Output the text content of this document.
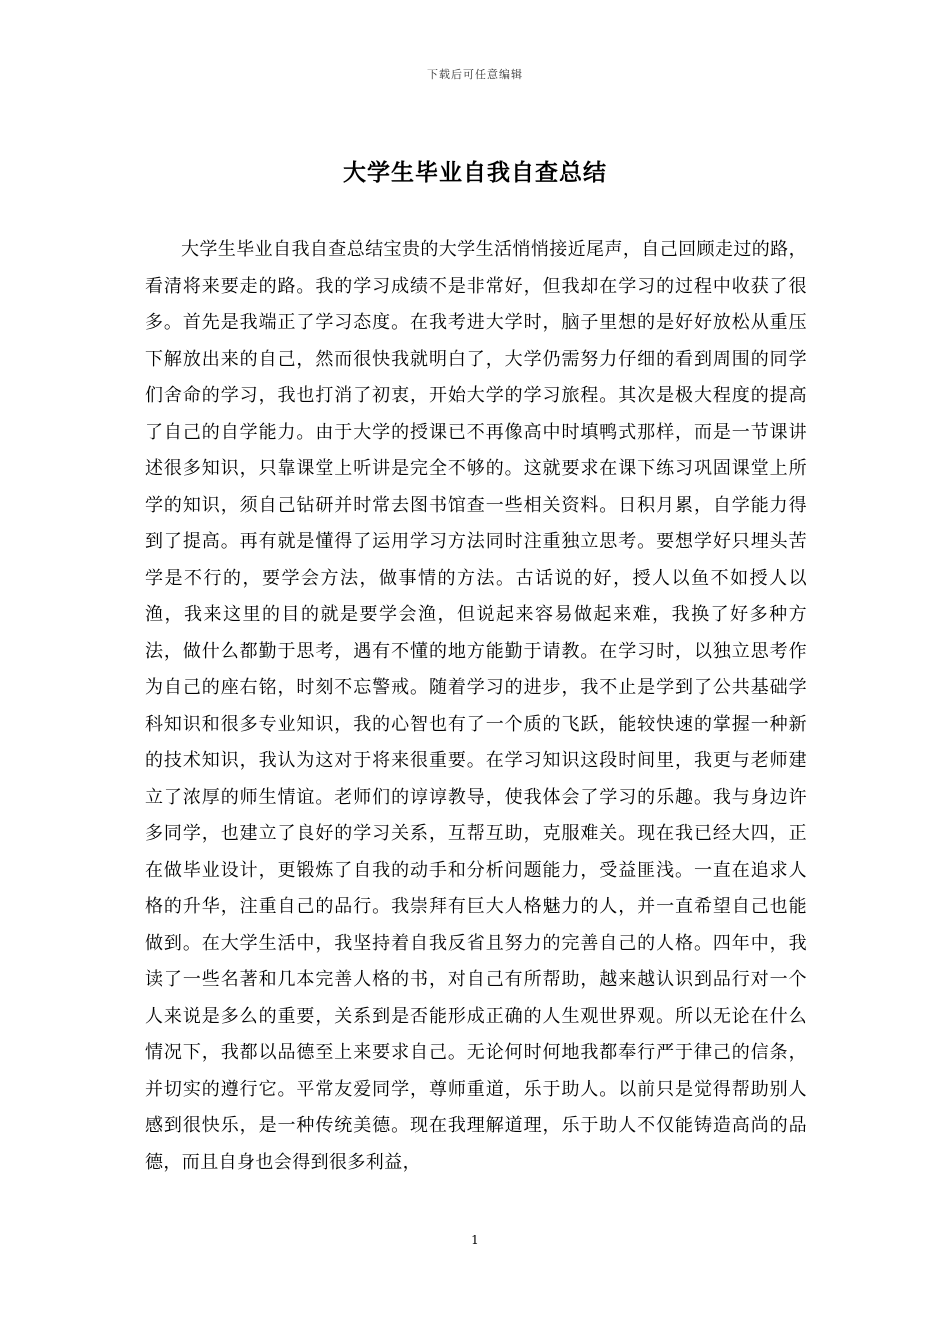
下载后可任意编辑
大学生毕业自我自查总结

大学生毕业自我自查总结宝贵的大学生活悄悄接近尾声，自己回顾走过的路，看清将来要走的路。我的学习成绩不是非常好，但我却在学习的过程中收获了很多。首先是我端正了学习态度。在我考进大学时，脑子里想的是好好放松从重压下解放出来的自己，然而很快我就明白了，大学仍需努力仔细的看到周围的同学们舍命的学习，我也打消了初衷，开始大学的学习旅程。其次是极大程度的提高了自己的自学能力。由于大学的授课已不再像高中时填鸭式那样，而是一节课讲述很多知识，只靠课堂上听讲是完全不够的。这就要求在课下练习巩固课堂上所学的知识，须自己钻研并时常去图书馆查一些相关资料。日积月累，自学能力得到了提高。再有就是懂得了运用学习方法同时注重独立思考。要想学好只埋头苦学是不行的，要学会方法，做事情的方法。古话说的好，授人以鱼不如授人以渔，我来这里的目的就是要学会渔，但说起来容易做起来难，我换了好多种方法，做什么都勤于思考，遇有不懂的地方能勤于请教。在学习时，以独立思考作为自己的座右铭，时刻不忘警戒。随着学习的进步，我不止是学到了公共基础学科知识和很多专业知识，我的心智也有了一个质的飞跃，能较快速的掌握一种新的技术知识，我认为这对于将来很重要。在学习知识这段时间里，我更与老师建立了浓厚的师生情谊。老师们的谆谆教导，使我体会了学习的乐趣。我与身边许多同学，也建立了良好的学习关系，互帮互助，克服难关。现在我已经大四，正在做毕业设计，更锻炼了自我的动手和分析问题能力，受益匪浅。一直在追求人格的升华，注重自己的品行。我崇拜有巨大人格魅力的人，并一直希望自己也能做到。在大学生活中，我坚持着自我反省且努力的完善自己的人格。四年中，我读了一些名著和几本完善人格的书，对自己有所帮助，越来越认识到品行对一个人来说是多么的重要，关系到是否能形成正确的人生观世界观。所以无论在什么情况下，我都以品德至上来要求自己。无论何时何地我都奉行严于律己的信条，并切实的遵行它。平常友爱同学，尊师重道，乐于助人。以前只是觉得帮助别人感到很快乐，是一种传统美德。现在我理解道理，乐于助人不仅能铸造高尚的品德，而且自身也会得到很多利益，

1
